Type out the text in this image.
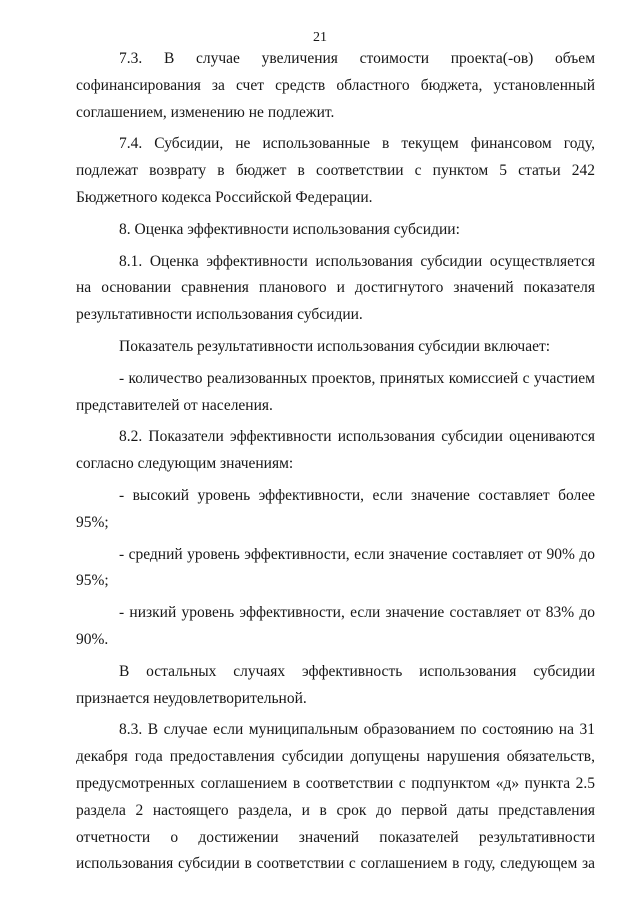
21

7.3. В случае увеличения стоимости проекта(-ов) объем софинансирования за счет средств областного бюджета, установленный соглашением, изменению не подлежит.

7.4. Субсидии, не использованные в текущем финансовом году, подлежат возврату в бюджет в соответствии с пунктом 5 статьи 242 Бюджетного кодекса Российской Федерации.

8. Оценка эффективности использования субсидии:

8.1. Оценка эффективности использования субсидии осуществляется на основании сравнения планового и достигнутого значений показателя результативности использования субсидии.

Показатель результативности использования субсидии включает:

- количество реализованных проектов, принятых комиссией с участием представителей от населения.

8.2. Показатели эффективности использования субсидии оцениваются согласно следующим значениям:

- высокий уровень эффективности, если значение составляет более 95%;

- средний уровень эффективности, если значение составляет от 90% до 95%;

- низкий уровень эффективности, если значение составляет от 83% до 90%.

В остальных случаях эффективность использования субсидии признается неудовлетворительной.

8.3. В случае если муниципальным образованием по состоянию на 31 декабря года предоставления субсидии допущены нарушения обязательств, предусмотренных соглашением в соответствии с подпунктом «д» пункта 2.5 раздела 2 настоящего раздела, и в срок до первой даты представления отчетности о достижении значений показателей результативности использования субсидии в соответствии с соглашением в году, следующем за
